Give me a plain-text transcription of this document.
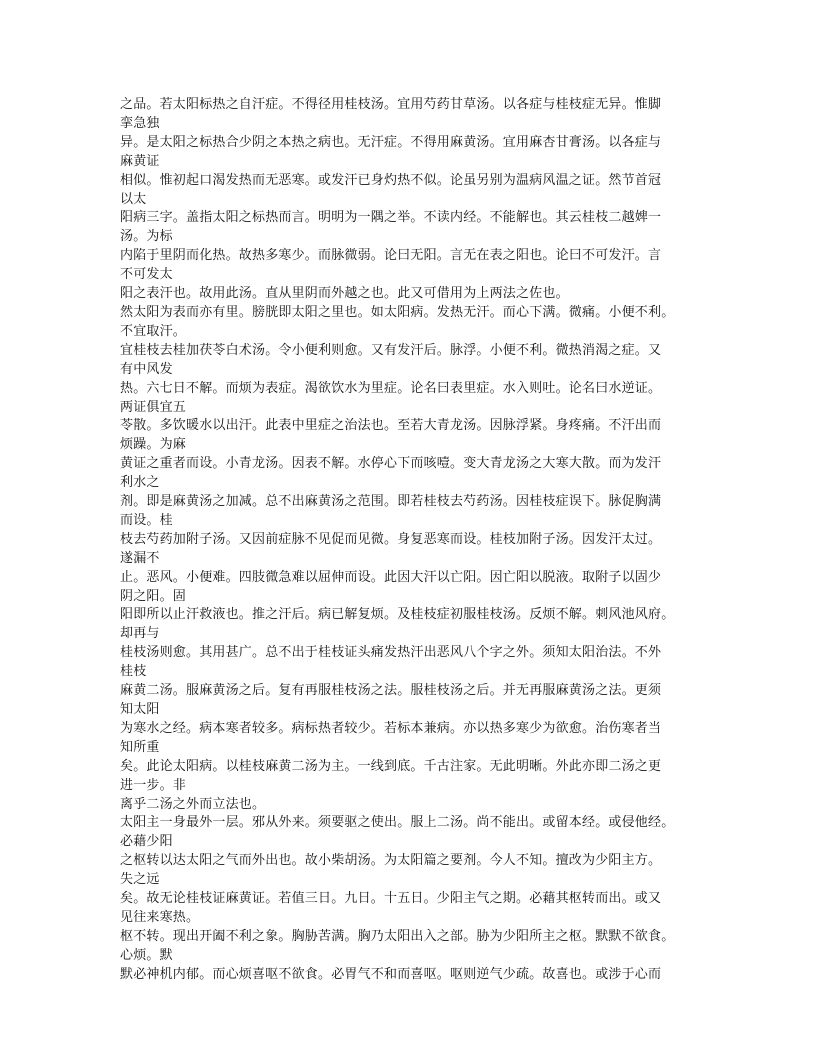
之品。若太阳标热之自汗症。不得径用桂枝汤。宜用芍药甘草汤。以各症与桂枝症无异。惟脚
挛急独
异。是太阳之标热合少阴之本热之病也。无汗症。不得用麻黄汤。宜用麻杏甘膏汤。以各症与
麻黄证
相似。惟初起口渴发热而无恶寒。或发汗已身灼热不似。论虽另别为温病风温之证。然节首冠
以太
阳病三字。盖指太阳之标热而言。明明为一隅之举。不读内经。不能解也。其云桂枝二越婢一
汤。为标
内陷于里阴而化热。故热多寒少。而脉微弱。论曰无阳。言无在表之阳也。论曰不可发汗。言
不可发太
阳之表汗也。故用此汤。直从里阴而外越之也。此又可借用为上两法之佐也。
然太阳为表而亦有里。膀胱即太阳之里也。如太阳病。发热无汗。而心下满。微痛。小便不利。
不宜取汗。
宜桂枝去桂加茯苓白术汤。令小便利则愈。又有发汗后。脉浮。小便不利。微热消渴之症。又
有中风发
热。六七日不解。而烦为表症。渴欲饮水为里症。论名曰表里症。水入则吐。论名曰水逆证。
两证俱宜五
苓散。多饮暖水以出汗。此表中里症之治法也。至若大青龙汤。因脉浮紧。身疼痛。不汗出而
烦躁。为麻
黄证之重者而设。小青龙汤。因表不解。水停心下而咳噎。变大青龙汤之大寒大散。而为发汗
利水之
剂。即是麻黄汤之加减。总不出麻黄汤之范围。即若桂枝去芍药汤。因桂枝症误下。脉促胸满
而设。桂
枝去芍药加附子汤。又因前症脉不见促而见微。身复恶寒而设。桂枝加附子汤。因发汗太过。
遂漏不
止。恶风。小便难。四肢微急难以屈伸而设。此因大汗以亡阳。因亡阳以脱液。取附子以固少
阴之阳。固
阳即所以止汗救液也。推之汗后。病已解复烦。及桂枝症初服桂枝汤。反烦不解。刺风池风府。
却再与
桂枝汤则愈。其用甚广。总不出于桂枝证头痛发热汗出恶风八个字之外。须知太阳治法。不外
桂枝
麻黄二汤。服麻黄汤之后。复有再服桂枝汤之法。服桂枝汤之后。并无再服麻黄汤之法。更须
知太阳
为寒水之经。病本寒者较多。病标热者较少。若标本兼病。亦以热多寒少为欲愈。治伤寒者当
知所重
矣。此论太阳病。以桂枝麻黄二汤为主。一线到底。千古注家。无此明晰。外此亦即二汤之更
进一步。非
离乎二汤之外而立法也。
太阳主一身最外一层。邪从外来。须要驱之使出。服上二汤。尚不能出。或留本经。或侵他经。
必藉少阳
之枢转以达太阳之气而外出也。故小柴胡汤。为太阳篇之要剂。今人不知。擅改为少阳主方。
失之远
矣。故无论桂枝证麻黄证。若值三日。九日。十五日。少阳主气之期。必藉其枢转而出。或又
见往来寒热。
枢不转。现出开阖不利之象。胸胁苦满。胸乃太阳出入之部。胁为少阳所主之枢。默默不欲食。
心烦。默
默必神机内郁。而心烦喜呕不欲食。必胃气不和而喜呕。呕则逆气少疏。故喜也。或涉于心而
